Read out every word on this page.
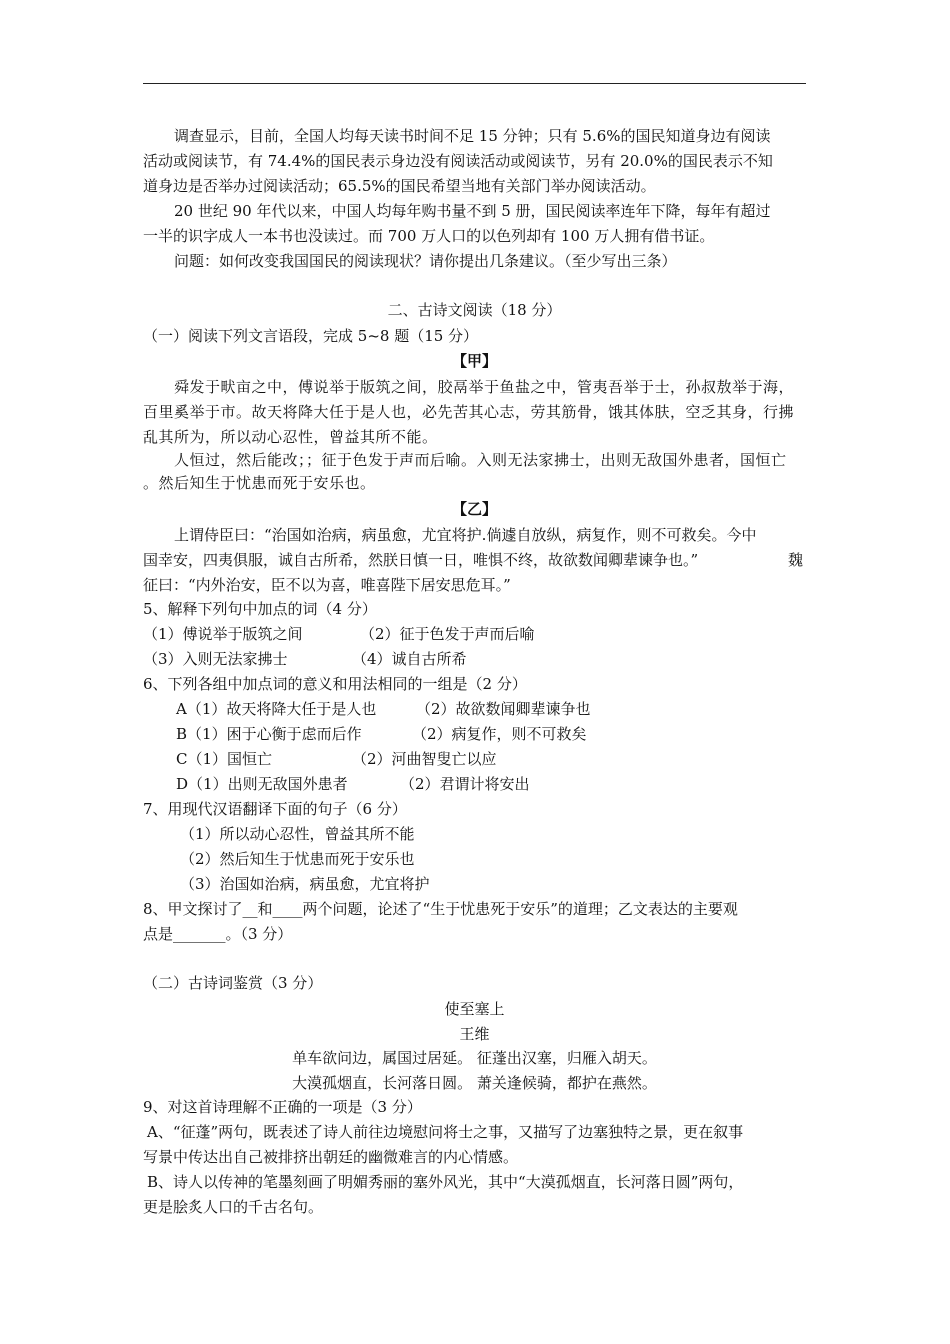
调查显示，目前，全国人均每天读书时间不足 15 分钟；只有 5.6%的国民知道身边有阅读
活动或阅读节，有 74.4%的国民表示身边没有阅读活动或阅读节，另有 20.0%的国民表示不知
道身边是否举办过阅读活动；65.5%的国民希望当地有关部门举办阅读活动。
20 世纪 90 年代以来，中国人均每年购书量不到 5 册，国民阅读率连年下降，每年有超过
一半的识字成人一本书也没读过。而 700 万人口的以色列却有 100 万人拥有借书证。
问题：如何改变我国国民的阅读现状？请你提出几条建议。（至少写出三条）
二、古诗文阅读（18 分）
（一）阅读下列文言语段，完成 5~8 题（15 分）
【甲】
舜发于畎亩之中，傅说举于版筑之间，胶鬲举于鱼盐之中，管夷吾举于士，孙叔敖举于海，
百里奚举于市。故天将降大任于是人也，必先苦其心志，劳其筋骨，饿其体肤，空乏其身，行拂
乱其所为，所以动心忍性，曾益其所不能。
人恒过，然后能改；；征于色发于声而后喻。入则无法家拂士，出则无敌国外患者，国恒亡
。然后知生于忧患而死于安乐也。
【乙】
上谓侍臣曰：“治国如治病，病虽愈，尤宜将护.倘遽自放纵，病复作，则不可救矣。今中
国幸安，四夷俱服，诚自古所希，然朕日慎一日，唯惧不终，故欲数闻卿辈谏争也。”	魏
征曰：“内外治安，臣不以为喜，唯喜陛下居安思危耳。”
5、解释下列句中加点的词（4 分）
（1）傅说举于版筑之间	（2）征于色发于声而后喻
（3）入则无法家拂士	（4）诚自古所希
6、下列各组中加点词的意义和用法相同的一组是（2 分）
A（1）故天将降大任于是人也	（2）故欲数闻卿辈谏争也
B（1）困于心衡于虑而后作	（2）病复作，则不可救矣
C（1）国恒亡	（2）河曲智叟亡以应
D（1）出则无敌国外患者	（2）君谓计将安出
7、用现代汉语翻译下面的句子（6 分）
（1）所以动心忍性，曾益其所不能
（2）然后知生于忧患而死于安乐也
（3）治国如治病，病虽愈，尤宜将护
8、甲文探讨了__和____两个问题，论述了“生于忧患死于安乐”的道理；乙文表达的主要观
点是_______。（3 分）
（二）古诗词鉴赏（3 分）
使至塞上
王维
单车欲问边，属国过居延。 征蓬出汉塞，归雁入胡天。
大漠孤烟直，长河落日圆。 萧关逢候骑，都护在燕然。
9、对这首诗理解不正确的一项是（3 分）
A、“征蓬”两句，既表述了诗人前往边境慰问将士之事，又描写了边塞独特之景，更在叙事
写景中传达出自己被排挤出朝廷的幽微难言的内心情感。
B、诗人以传神的笔墨刻画了明媚秀丽的塞外风光，其中“大漠孤烟直，长河落日圆”两句，
更是脍炙人口的千古名句。
